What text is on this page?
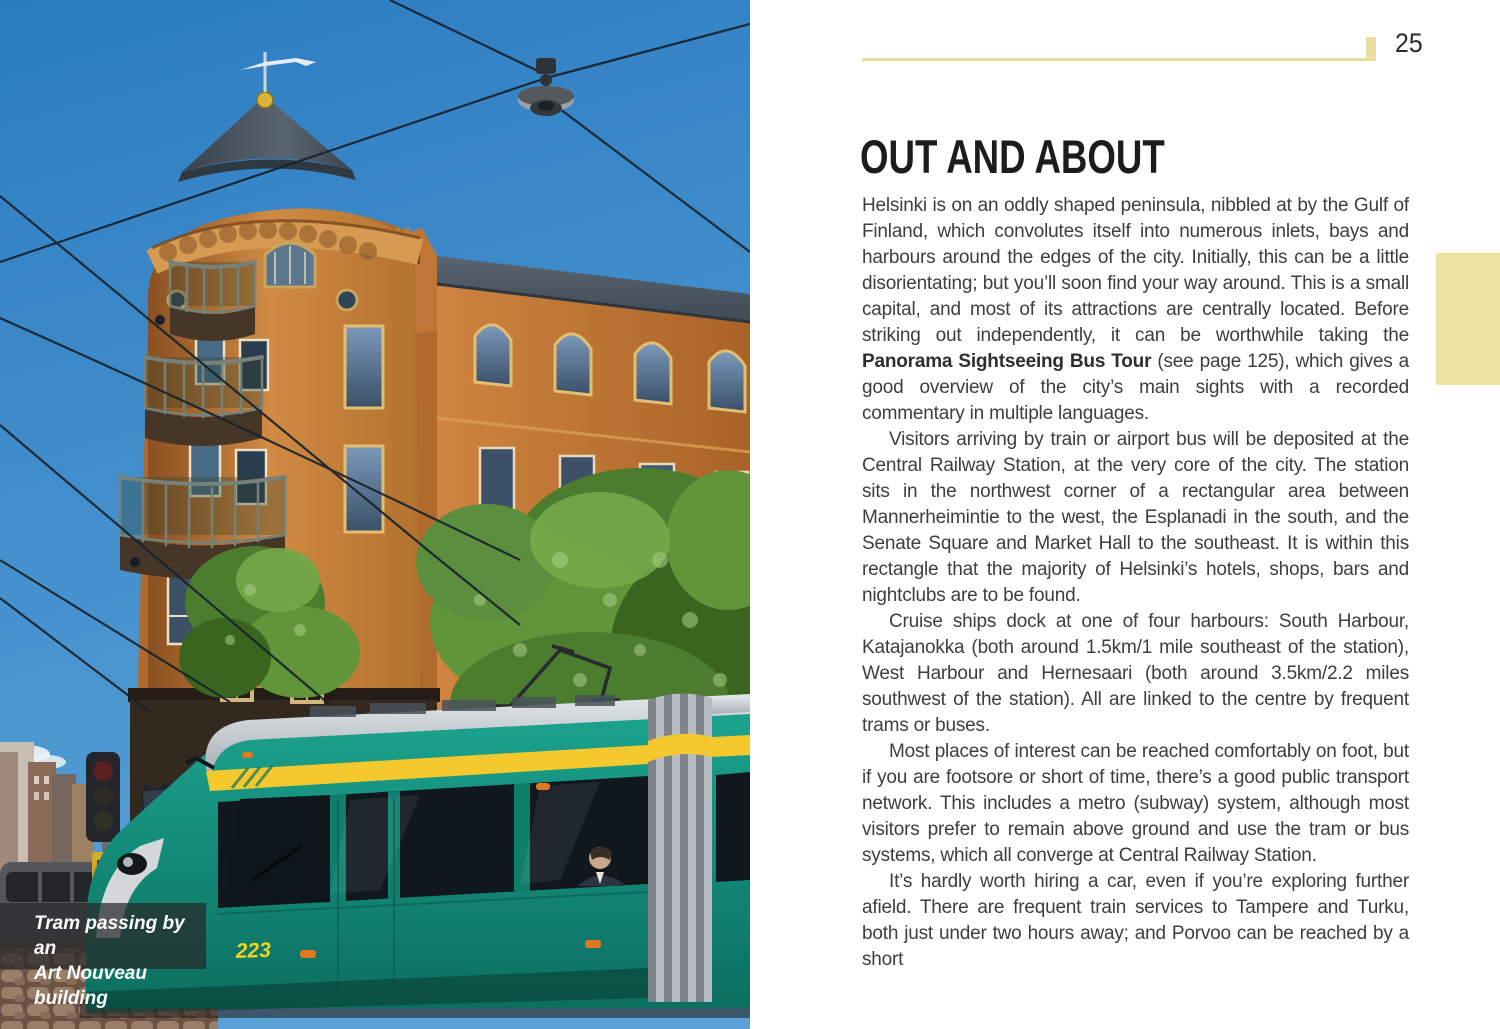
223
Tram passing by an
Art Nouveau building
25
OUT AND ABOUT

Helsinki is on an oddly shaped peninsula, nibbled at by the Gulf of Finland, which convolutes itself into numerous inlets, bays and harbours around the edges of the city. Initially, this can be a little disorientating; but you’ll soon find your way around. This is a small capital, and most of its attractions are centrally located. Before striking out independently, it can be worthwhile taking the Panorama Sightseeing Bus Tour (see page 125), which gives a good overview of the city’s main sights with a recorded commentary in multiple languages.

Visitors arriving by train or airport bus will be deposited at the Central Railway Station, at the very core of the city. The station sits in the northwest corner of a rectangular area between Mannerheimintie to the west, the Esplanadi in the south, and the Senate Square and Market Hall to the southeast. It is within this rectangle that the majority of Helsinki’s hotels, shops, bars and nightclubs are to be found.

Cruise ships dock at one of four harbours: South Harbour, Katajanokka (both around 1.5km/1 mile southeast of the station), West Harbour and Hernesaari (both around 3.5km/2.2 miles southwest of the station). All are linked to the centre by frequent trams or buses.

Most places of interest can be reached comfortably on foot, but if you are footsore or short of time, there’s a good public transport network. This includes a metro (subway) system, although most visitors prefer to remain above ground and use the tram or bus systems, which all converge at Central Railway Station.

It’s hardly worth hiring a car, even if you’re exploring further afield. There are frequent train services to Tampere and Turku, both just under two hours away; and Porvoo can be reached by a short
